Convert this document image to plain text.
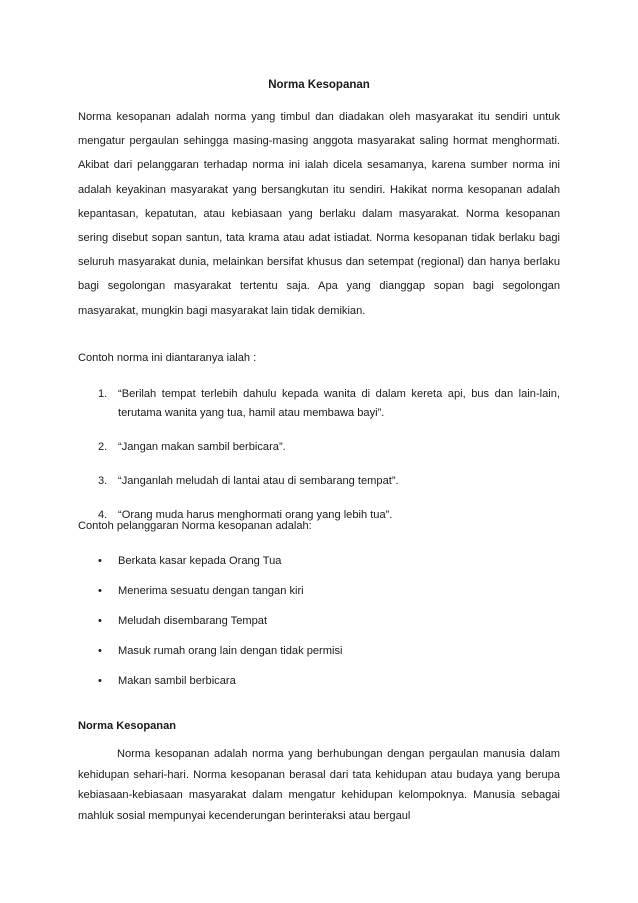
Norma Kesopanan

Norma kesopanan adalah norma yang timbul dan diadakan oleh masyarakat itu sendiri untuk mengatur pergaulan sehingga masing-masing anggota masyarakat saling hormat menghormati. Akibat dari pelanggaran terhadap norma ini ialah dicela sesamanya, karena sumber norma ini adalah keyakinan masyarakat yang bersangkutan itu sendiri. Hakikat norma kesopanan adalah kepantasan, kepatutan, atau kebiasaan yang berlaku dalam masyarakat. Norma kesopanan sering disebut sopan santun, tata krama atau adat istiadat. Norma kesopanan tidak berlaku bagi seluruh masyarakat dunia, melainkan bersifat khusus dan setempat (regional) dan hanya berlaku bagi segolongan masyarakat tertentu saja. Apa yang dianggap sopan bagi segolongan masyarakat, mungkin bagi masyarakat lain tidak demikian.

Contoh norma ini diantaranya ialah :

1. “Berilah tempat terlebih dahulu kepada wanita di dalam kereta api, bus dan lain-lain, terutama wanita yang tua, hamil atau membawa bayi”.
2. “Jangan makan sambil berbicara”.
3. “Janganlah meludah di lantai atau di sembarang tempat”.
4. “Orang muda harus menghormati orang yang lebih tua”.

Contoh pelanggaran Norma kesopanan adalah:

• Berkata kasar kepada Orang Tua
• Menerima sesuatu dengan tangan kiri
• Meludah disembarang Tempat
• Masuk rumah orang lain dengan tidak permisi
• Makan sambil berbicara

Norma Kesopanan

Norma kesopanan adalah norma yang berhubungan dengan pergaulan manusia dalam kehidupan sehari-hari. Norma kesopanan berasal dari tata kehidupan atau budaya yang berupa kebiasaan-kebiasaan masyarakat dalam mengatur kehidupan kelompoknya. Manusia sebagai mahluk sosial mempunyai kecenderungan berinteraksi atau bergaul
